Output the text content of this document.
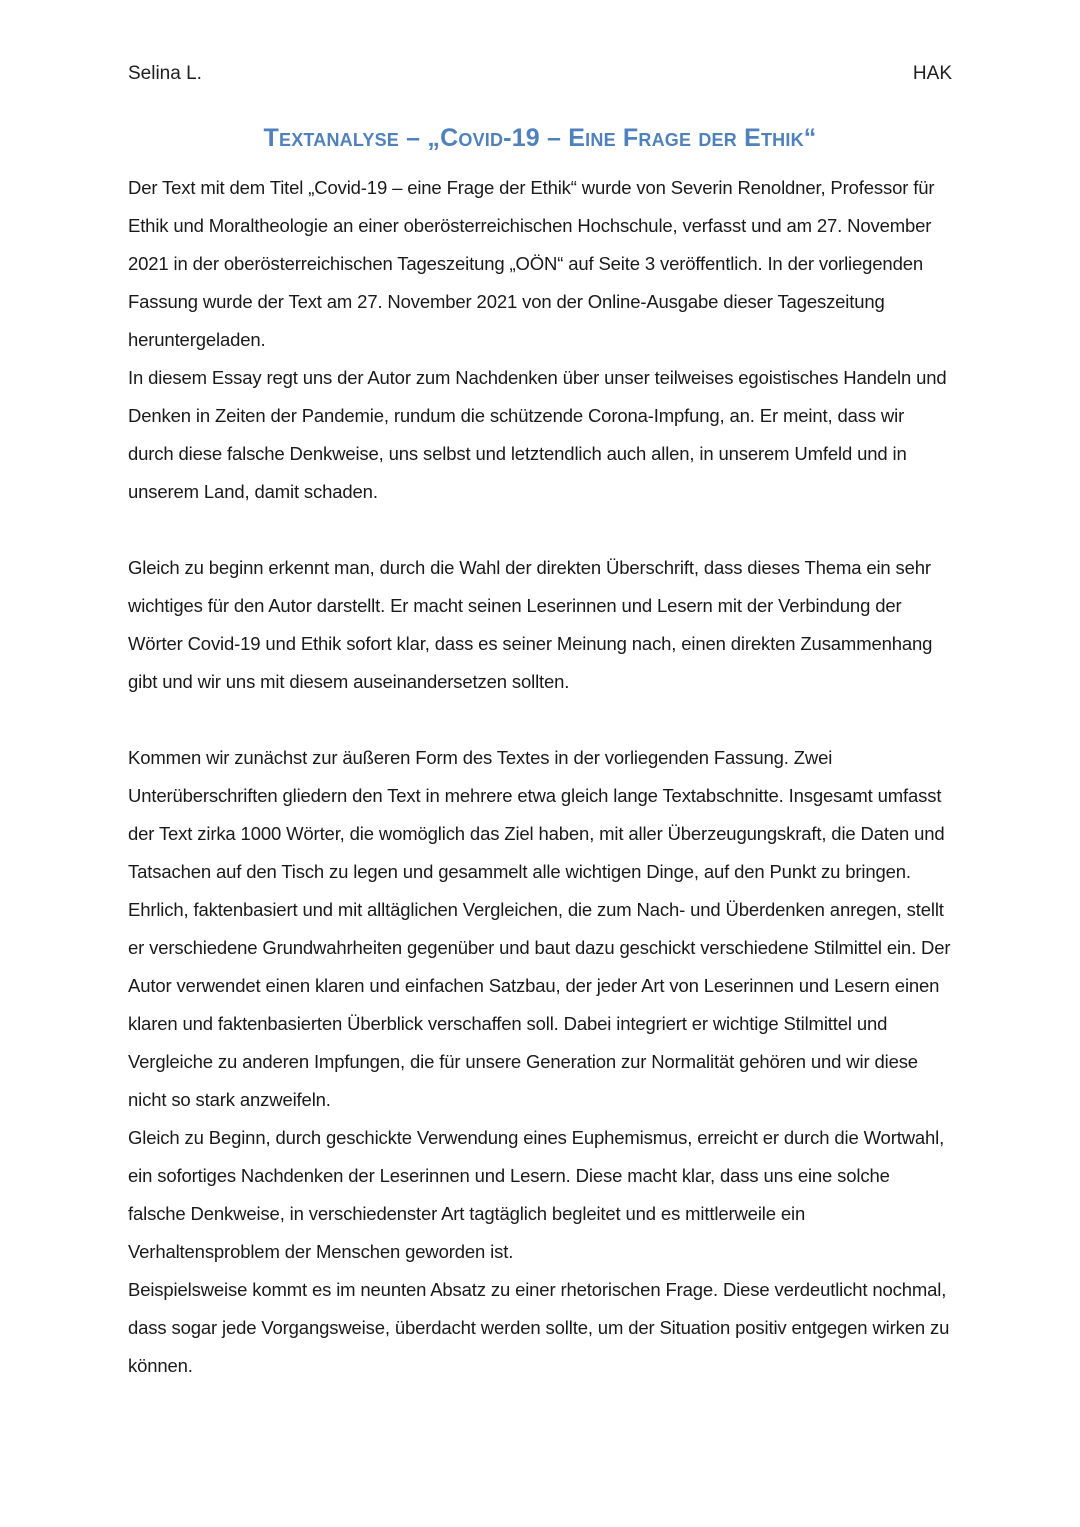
Selina L.	HAK
Textanalyse – „Covid-19 – Eine Frage der Ethik“

Der Text mit dem Titel „Covid-19 – eine Frage der Ethik“ wurde von Severin Renoldner, Professor für Ethik und Moraltheologie an einer oberösterreichischen Hochschule, verfasst und am 27. November 2021 in der oberösterreichischen Tageszeitung „OÖN“ auf Seite 3 veröffentlich. In der vorliegenden Fassung wurde der Text am 27. November 2021 von der Online-Ausgabe dieser Tageszeitung heruntergeladen.

In diesem Essay regt uns der Autor zum Nachdenken über unser teilweises egoistisches Handeln und Denken in Zeiten der Pandemie, rundum die schützende Corona-Impfung, an. Er meint, dass wir durch diese falsche Denkweise, uns selbst und letztendlich auch allen, in unserem Umfeld und in unserem Land, damit schaden.

Gleich zu beginn erkennt man, durch die Wahl der direkten Überschrift, dass dieses Thema ein sehr wichtiges für den Autor darstellt. Er macht seinen Leserinnen und Lesern mit der Verbindung der Wörter Covid-19 und Ethik sofort klar, dass es seiner Meinung nach, einen direkten Zusammenhang gibt und wir uns mit diesem auseinandersetzen sollten.

Kommen wir zunächst zur äußeren Form des Textes in der vorliegenden Fassung. Zwei Unterüberschriften gliedern den Text in mehrere etwa gleich lange Textabschnitte. Insgesamt umfasst der Text zirka 1000 Wörter, die womöglich das Ziel haben, mit aller Überzeugungskraft, die Daten und Tatsachen auf den Tisch zu legen und gesammelt alle wichtigen Dinge, auf den Punkt zu bringen.

Ehrlich, faktenbasiert und mit alltäglichen Vergleichen, die zum Nach- und Überdenken anregen, stellt er verschiedene Grundwahrheiten gegenüber und baut dazu geschickt verschiedene Stilmittel ein. Der Autor verwendet einen klaren und einfachen Satzbau, der jeder Art von Leserinnen und Lesern einen klaren und faktenbasierten Überblick verschaffen soll. Dabei integriert er wichtige Stilmittel und Vergleiche zu anderen Impfungen, die für unsere Generation zur Normalität gehören und wir diese nicht so stark anzweifeln.

Gleich zu Beginn, durch geschickte Verwendung eines Euphemismus, erreicht er durch die Wortwahl, ein sofortiges Nachdenken der Leserinnen und Lesern. Diese macht klar, dass uns eine solche falsche Denkweise, in verschiedenster Art tagtäglich begleitet und es mittlerweile ein Verhaltensproblem der Menschen geworden ist.

Beispielsweise kommt es im neunten Absatz zu einer rhetorischen Frage. Diese verdeutlicht nochmal, dass sogar jede Vorgangsweise, überdacht werden sollte, um der Situation positiv entgegen wirken zu können.
